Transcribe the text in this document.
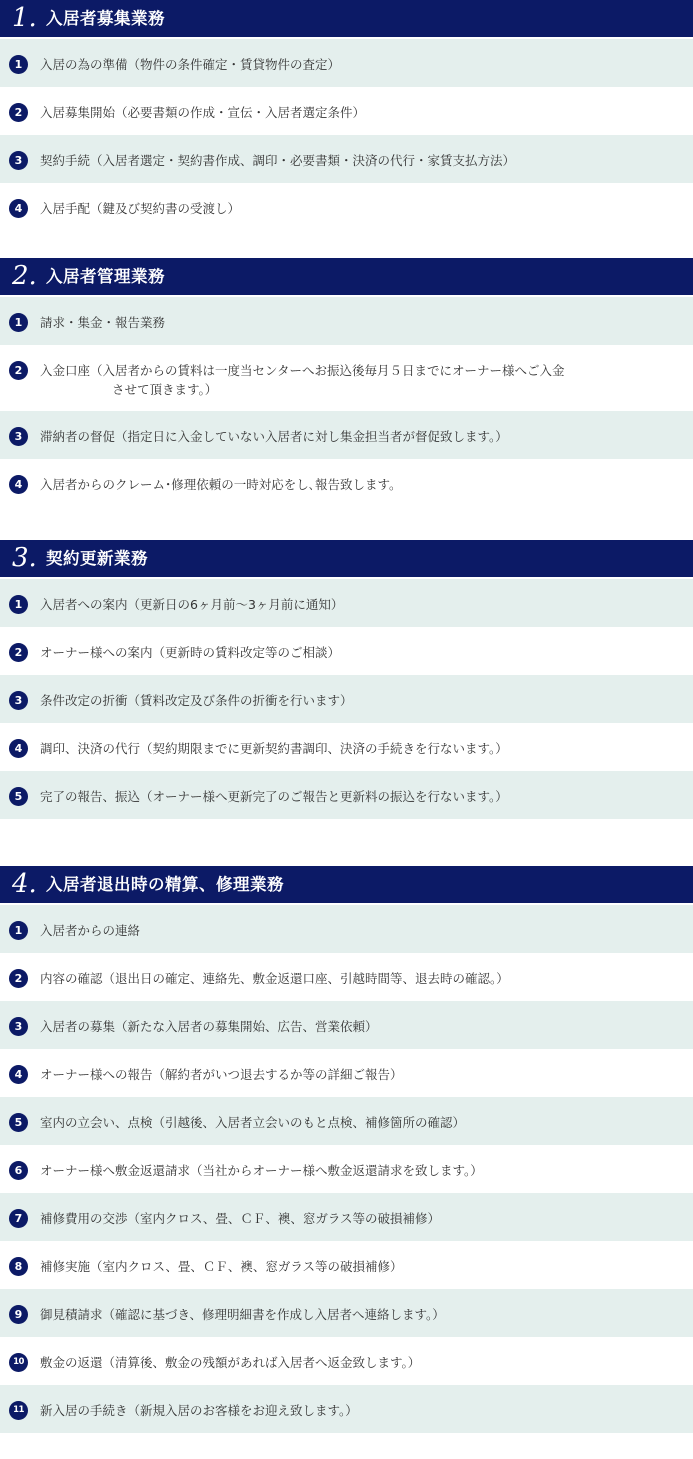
1. 入居者募集業務
1	入居の為の準備（物件の条件確定・賃貸物件の査定）
2	入居募集開始（必要書類の作成・宣伝・入居者選定条件）
3	契約手続（入居者選定・契約書作成、調印・必要書類・決済の代行・家賃支払方法）
4	入居手配（鍵及び契約書の受渡し）
2. 入居者管理業務
1	請求・集金・報告業務
2	入金口座（入居者からの賃料は一度当センターへお振込後毎月５日までにオーナー様へご入金
させて頂きます。）
3	滞納者の督促（指定日に入金していない入居者に対し集金担当者が督促致します。）
4	入居者からのクレーム･修理依頼の一時対応をし､報告致します。
3. 契約更新業務
1	入居者への案内（更新日の6ヶ月前〜3ヶ月前に通知）
2	オーナー様への案内（更新時の賃料改定等のご相談）
3	条件改定の折衝（賃料改定及び条件の折衝を行います）
4	調印、決済の代行（契約期限までに更新契約書調印、決済の手続きを行ないます。）
5	完了の報告、振込（オーナー様へ更新完了のご報告と更新料の振込を行ないます。）
4. 入居者退出時の精算、修理業務
1	入居者からの連絡
2	内容の確認（退出日の確定、連絡先、敷金返還口座、引越時間等、退去時の確認。）
3	入居者の募集（新たな入居者の募集開始、広告、営業依頼）
4	オーナー様への報告（解約者がいつ退去するか等の詳細ご報告）
5	室内の立会い、点検（引越後、入居者立会いのもと点検、補修箇所の確認）
6	オーナー様へ敷金返還請求（当社からオーナー様へ敷金返還請求を致します。）
7	補修費用の交渉（室内クロス、畳、ＣＦ、襖、窓ガラス等の破損補修）
8	補修実施（室内クロス、畳、ＣＦ、襖、窓ガラス等の破損補修）
9	御見積請求（確認に基づき、修理明細書を作成し入居者へ連絡します。）
10	敷金の返還（清算後、敷金の残額があれば入居者へ返金致します。）
11	新入居の手続き（新規入居のお客様をお迎え致します。）
